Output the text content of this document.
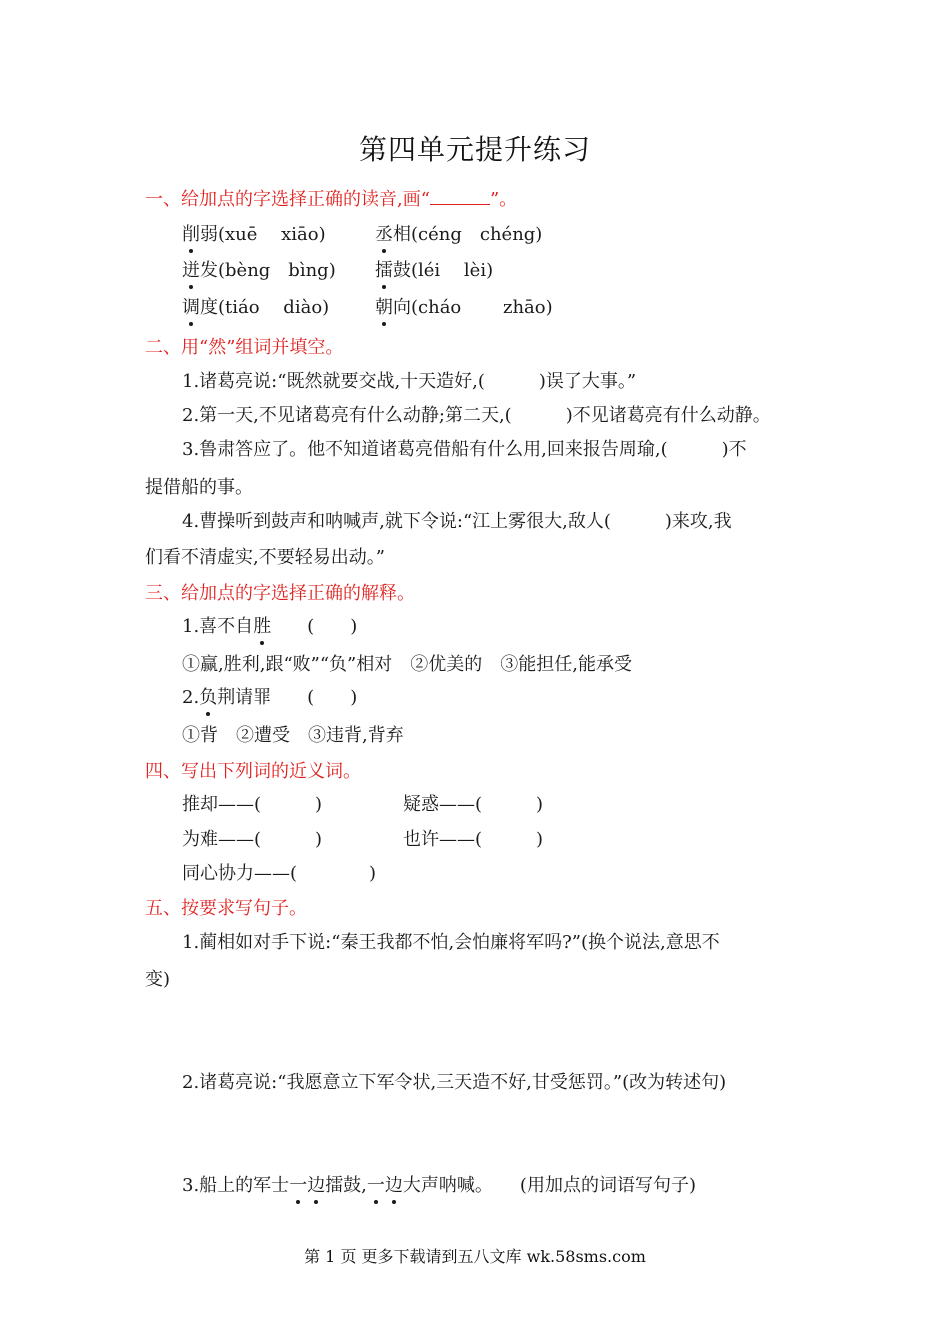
第四单元提升练习
一、给加点的字选择正确的读音,画“	”。
削弱(xuē　 xiāo)	丞相(céng　chéng)
迸发(bèng　bìng) 擂鼓(léi　 lèi)
调度(tiáo　 diào)	朝向(cháo　　 zhāo)
二、用“然”组词并填空。
1.诸葛亮说:“既然就要交战,十天造好,(　　　)误了大事。”
2.第一天,不见诸葛亮有什么动静;第二天,(　　　)不见诸葛亮有什么动静。
3.鲁肃答应了。他不知道诸葛亮借船有什么用,回来报告周瑜,(　　　)不
提借船的事。
4.曹操听到鼓声和呐喊声,就下令说:“江上雾很大,敌人(　　　)来攻,我
们看不清虚实,不要轻易出动。”
三、给加点的字选择正确的解释。
1.喜不自胜　　(　　)
①赢,胜利,跟“败”“负”相对　②优美的　③能担任,能承受
2.负荆请罪　　(　　)
①背　②遭受　③违背,背弃
四、写出下列词的近义词。
推却——(　　　)	疑惑——(　　　)
为难——(　　　)	也许——(　　　)
同心协力——(　　　　)
五、按要求写句子。
1.蔺相如对手下说:“秦王我都不怕,会怕廉将军吗?”(换个说法,意思不
变)
2.诸葛亮说:“我愿意立下军令状,三天造不好,甘受惩罚。”(改为转述句)
3.船上的军士一边擂鼓,一边大声呐喊。　　(用加点的词语写句子)
第 1 页 更多下载请到五八文库 wk.58sms.com
